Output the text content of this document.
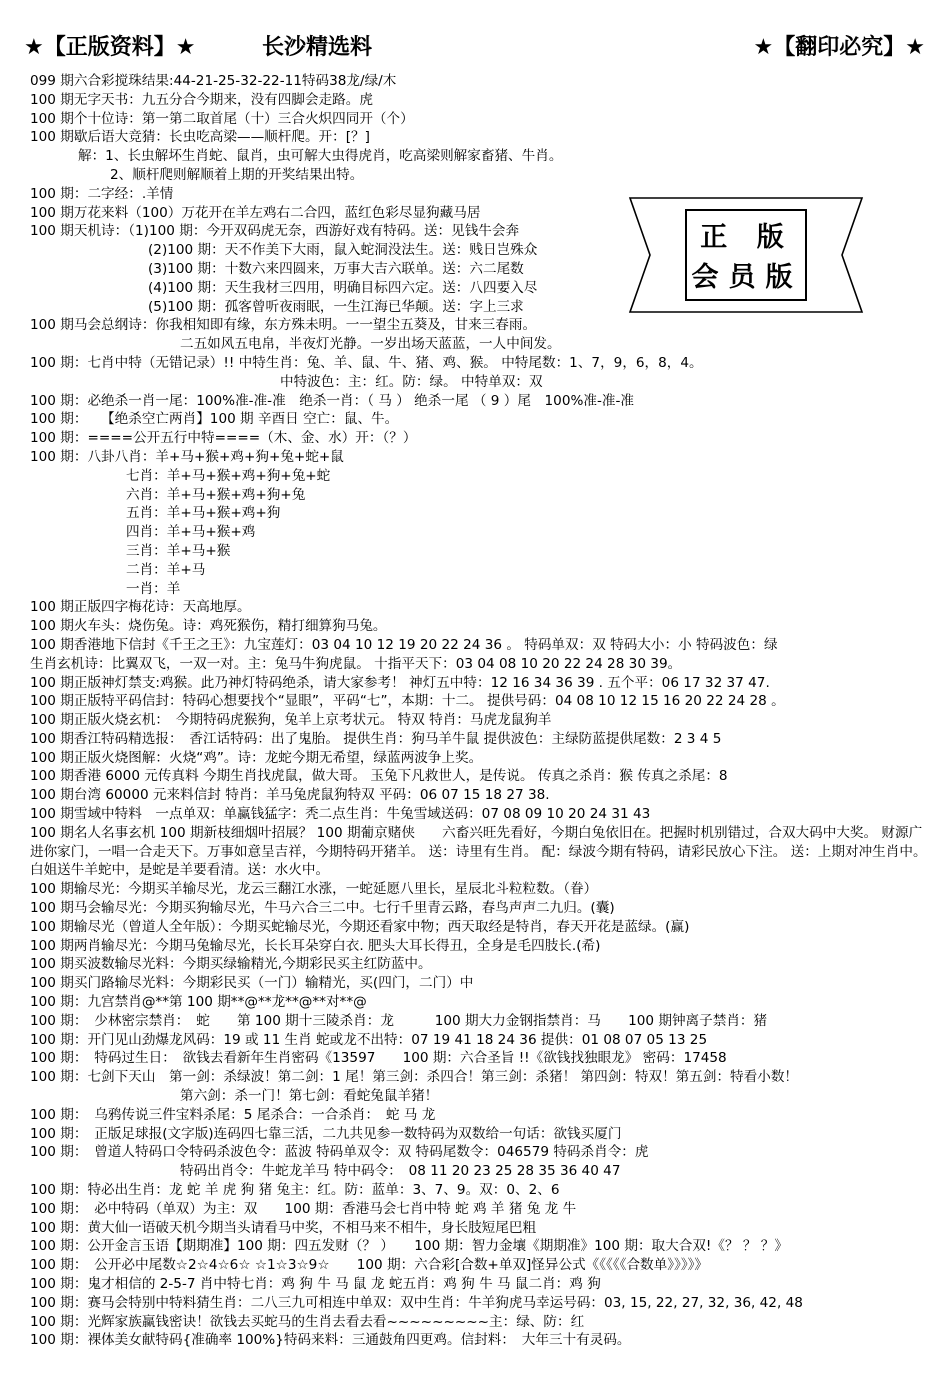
★【正版资料】★	长沙精选料	★【翻印必究】★
正 版
会员版
099 期六合彩搅珠结果:44-21-25-32-22-11特码38龙/绿/木
100 期无字天书：九五分合今期来，没有四脚会走路。虎
100 期个十位诗：第一第二取首尾（十）三合火炽四同开（个）
100 期歇后语大竞猜：长虫吃高梁——顺杆爬。开：[？]
解：1、长虫解坏生肖蛇、鼠肖，虫可解大虫得虎肖，吃高梁则解家畜猪、牛肖。
2、顺杆爬则解顺着上期的开奖结果出特。
100 期：二字经：.羊情
100 期万花来料（100）万花开在羊左鸡右二合四，蓝红色彩尽显狗藏马居
100 期天机诗：（1)100 期：今开双码虎无奈，西游好戏有特码。送：见钱牛会奔
(2)100 期：天不作美下大雨，鼠入蛇洞没法生。送：贱日岂殊众
(3)100 期：十数六来四圆来，万事大吉六联单。送：六二尾数
(4)100 期：天生我材三四用，明确目标四六定。送：八四要入尽
(5)100 期：孤客曾听夜雨眠，一生江海已华颠。送：字上三求
100 期马会总纲诗：你我相知即有缘，东方殊未明。一一望尘五葵及，甘来三春雨。
二五如风五电帛，半夜灯光静。一岁出场天蓝蓝，一人中间发。
100 期：七肖中特（无错记录）!! 中特生肖：兔、羊、鼠、牛、猪、鸡、猴。 中特尾数：1、7，9，6，8，4。
中特波色：主：红。防：绿。 中特单双：双
100 期：必绝杀一肖一尾：100%准-准-准　绝杀一肖：（ 马 ） 绝杀一尾 （ 9 ）尾　100%准-准-准
100 期：　　【绝杀空亡两肖】100 期 辛酉日 空亡：鼠、牛。
100 期：====公开五行中特====（木、金、水）开：（？）
100 期：八卦八肖：羊+马+猴+鸡+狗+兔+蛇+鼠
七肖：羊+马+猴+鸡+狗+兔+蛇
六肖：羊+马+猴+鸡+狗+兔
五肖：羊+马+猴+鸡+狗
四肖：羊+马+猴+鸡
三肖：羊+马+猴
二肖：羊+马
一肖：羊
100 期正版四字梅花诗：天高地厚。
100 期火车头：烧伤兔。诗：鸡死猴伤，精打细算狗马兔。
100 期香港地下信封《千王之王》：九宝莲灯：03 04 10 12 19 20 22 24 36 。 特码单双：双 特码大小：小 特码波色：绿
生肖玄机诗：比翼双飞，一双一对。主：兔马牛狗虎鼠。 十指平天下：03 04 08 10 20 22 24 28 30 39。
100 期正版神灯禁支:鸡猴。此乃神灯特码绝杀，请大家参考！ 神灯五中特：12 16 34 36 39 . 五个平：06 17 32 37 47.
100 期正版特平码信封：特码心想要找个“显眼”，平码“七”，本期：十二。 提供号码：04 08 10 12 15 16 20 22 24 28 。
100 期正版火烧玄机：　今期特码虎猴狗，兔羊上京考状元。 特双 特肖：马虎龙鼠狗羊
100 期香江特码精选报：　香江话特码：出了鬼胎。 提供生肖：狗马羊牛鼠 提供波色：主绿防蓝提供尾数：2 3 4 5
100 期正版火烧图解：火烧“鸡”。诗：龙蛇今期无希望，绿蓝两波争上奖。
100 期香港 6000 元传真料 今期生肖找虎鼠，做大哥。 玉兔下凡救世人，是传说。 传真之杀肖：猴 传真之杀尾：8
100 期台湾 60000 元来料信封 特肖：羊马兔虎鼠狗特双 平码：06 07 15 18 27 38.
100 期雪域中特料　一点单双：单赢钱猛字：秃二点生肖：牛兔雪域送码：07 08 09 10 20 24 31 43
100 期名人名事玄机 100 期新枝细烟叶招展？ 100 期葡京赌侠　　六畜兴旺先看好，今期白兔依旧在。把握时机别错过，合双大码中大奖。 财源广进你家门，一唱一合走天下。万事如意呈吉祥，今期特码开猪羊。 送：诗里有生肖。 配：绿波今期有特码，请彩民放心下注。 送：上期对冲生肖中。白姐送牛羊蛇中，是蛇是羊要看清。送：水火中。
100 期输尽光：今期买羊输尽光，龙云三翻江水涨，一蛇延愿八里长，星辰北斗粒粒数。（眷）
100 期马会输尽光：今期买狗输尽光，牛马六合三二中。七行千里青云路，春鸟声声二九归。(囊)
100 期输尽光（曾道人全年版）：今期买蛇输尽光，今期还看家中物；西天取经是特肖，春天开花是蓝绿。(赢)
100 期两肖输尽光：今期马兔输尽光，长长耳朵穿白衣. 肥头大耳长得丑，全身是毛四肢长.(希)
100 期买波数输尽光料：今期买绿输精光,今期彩民买主红防蓝中。
100 期买门路输尽光料：今期彩民买（一门）输精光，买(四门，二门）中
100 期：九宫禁肖@**第 100 期**@**龙**@**对**@
100 期：　少林密宗禁肖：　蛇　　第 100 期十三陵杀肖：龙　　　100 期大力金钢指禁肖：马　　100 期钟离子禁肖：猪
100 期：开门见山劲爆龙风码：19 或 11 生肖 蛇或龙不出特：07 19 41 18 24 36 提供：01 08 07 05 13 25
100 期：　特码过生日：　欲钱去看新年生肖密码《13597　　100 期：六合圣旨 !!《欲钱找独眼龙》 密码：17458
100 期：七剑下天山　第一剑：杀绿波！第二剑：1 尾！第三剑：杀四合！第三剑：杀猪！ 第四剑：特双！第五剑：特看小数！
第六剑：杀一门！第七剑：看蛇兔鼠羊猪！
100 期：　乌鸦传说三件宝料杀尾：5 尾杀合：一合杀肖：　蛇 马 龙
100 期：　正版足球报(文字版)连码四七靠三活，二九共见参一数特码为双数给一句话：欲钱买厦门
100 期：　曾道人特码口令特码杀波色令：蓝波 特码单双令：双 特码尾数令：046579 特码杀肖令：虎
特码出肖令：牛蛇龙羊马 特中码令：　08 11 20 23 25 28 35 36 40 47
100 期：特必出生肖：龙 蛇 羊 虎 狗 猪 兔主：红。防：蓝单：3、7、9。双：0、2、6
100 期：　必中特码（单双）为主：双　　100 期：香港马会七肖中特 蛇 鸡 羊 猪 兔 龙 牛
100 期：黄大仙一语破天机今期当头请看马中奖，不相马来不相牛，身长肢短尾巴粗
100 期：公开金言玉语【期期准】100 期：四五发财（？ ）　　100 期：智力金壤《期期准》100 期：取大合双!《？ ？ ？》
100 期：　公开必中尾数☆2☆4☆6☆ ☆1☆3☆9☆　　100 期：六合彩[合数+单双]怪异公式《《《《《合数单》》》》》
100 期：鬼才相信的 2-5-7 肖中特七肖：鸡 狗 牛 马 鼠 龙 蛇五肖：鸡 狗 牛 马 鼠二肖：鸡 狗
100 期：赛马会特别中特料猜生肖：二八三九可相连中单双：双中生肖：牛羊狗虎马幸运号码：03, 15, 22, 27, 32, 36, 42, 48
100 期：光辉家族赢钱密诀！欲钱去买蛇马的生肖去看去看~~~~~~~~~主：绿、防：红
100 期：裸体美女献特码{准确率 100%}特码来料：三通鼓角四更鸡。信封料：　大年三十有灵码。
